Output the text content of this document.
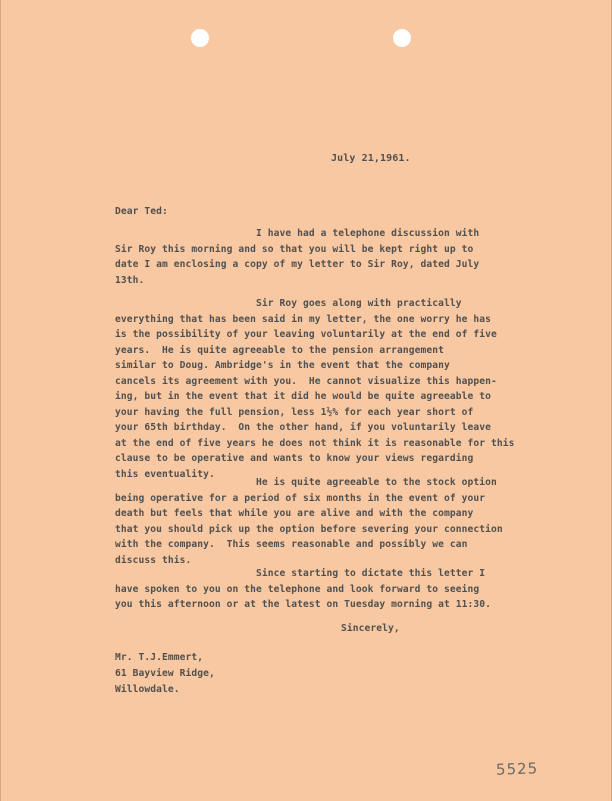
July 21,1961.
Dear Ted:
I have had a telephone discussion with
Sir Roy this morning and so that you will be kept right up to
date I am enclosing a copy of my letter to Sir Roy, dated July
13th.
Sir Roy goes along with practically
everything that has been said in my letter, the one worry he has
is the possibility of your leaving voluntarily at the end of five
years.  He is quite agreeable to the pension arrangement
similar to Doug. Ambridge's in the event that the company
cancels its agreement with you.  He cannot visualize this happen-
ing, but in the event that it did he would be quite agreeable to
your having the full pension, less 1½% for each year short of
your 65th birthday.  On the other hand, if you voluntarily leave
at the end of five years he does not think it is reasonable for this
clause to be operative and wants to know your views regarding
this eventuality.
He is quite agreeable to the stock option
being operative for a period of six months in the event of your
death but feels that while you are alive and with the company
that you should pick up the option before severing your connection
with the company.  This seems reasonable and possibly we can
discuss this.
Since starting to dictate this letter I
have spoken to you on the telephone and look forward to seeing
you this afternoon or at the latest on Tuesday morning at 11:30.
Sincerely,
Mr. T.J.Emmert,
61 Bayview Ridge,
Willowdale.
5525
